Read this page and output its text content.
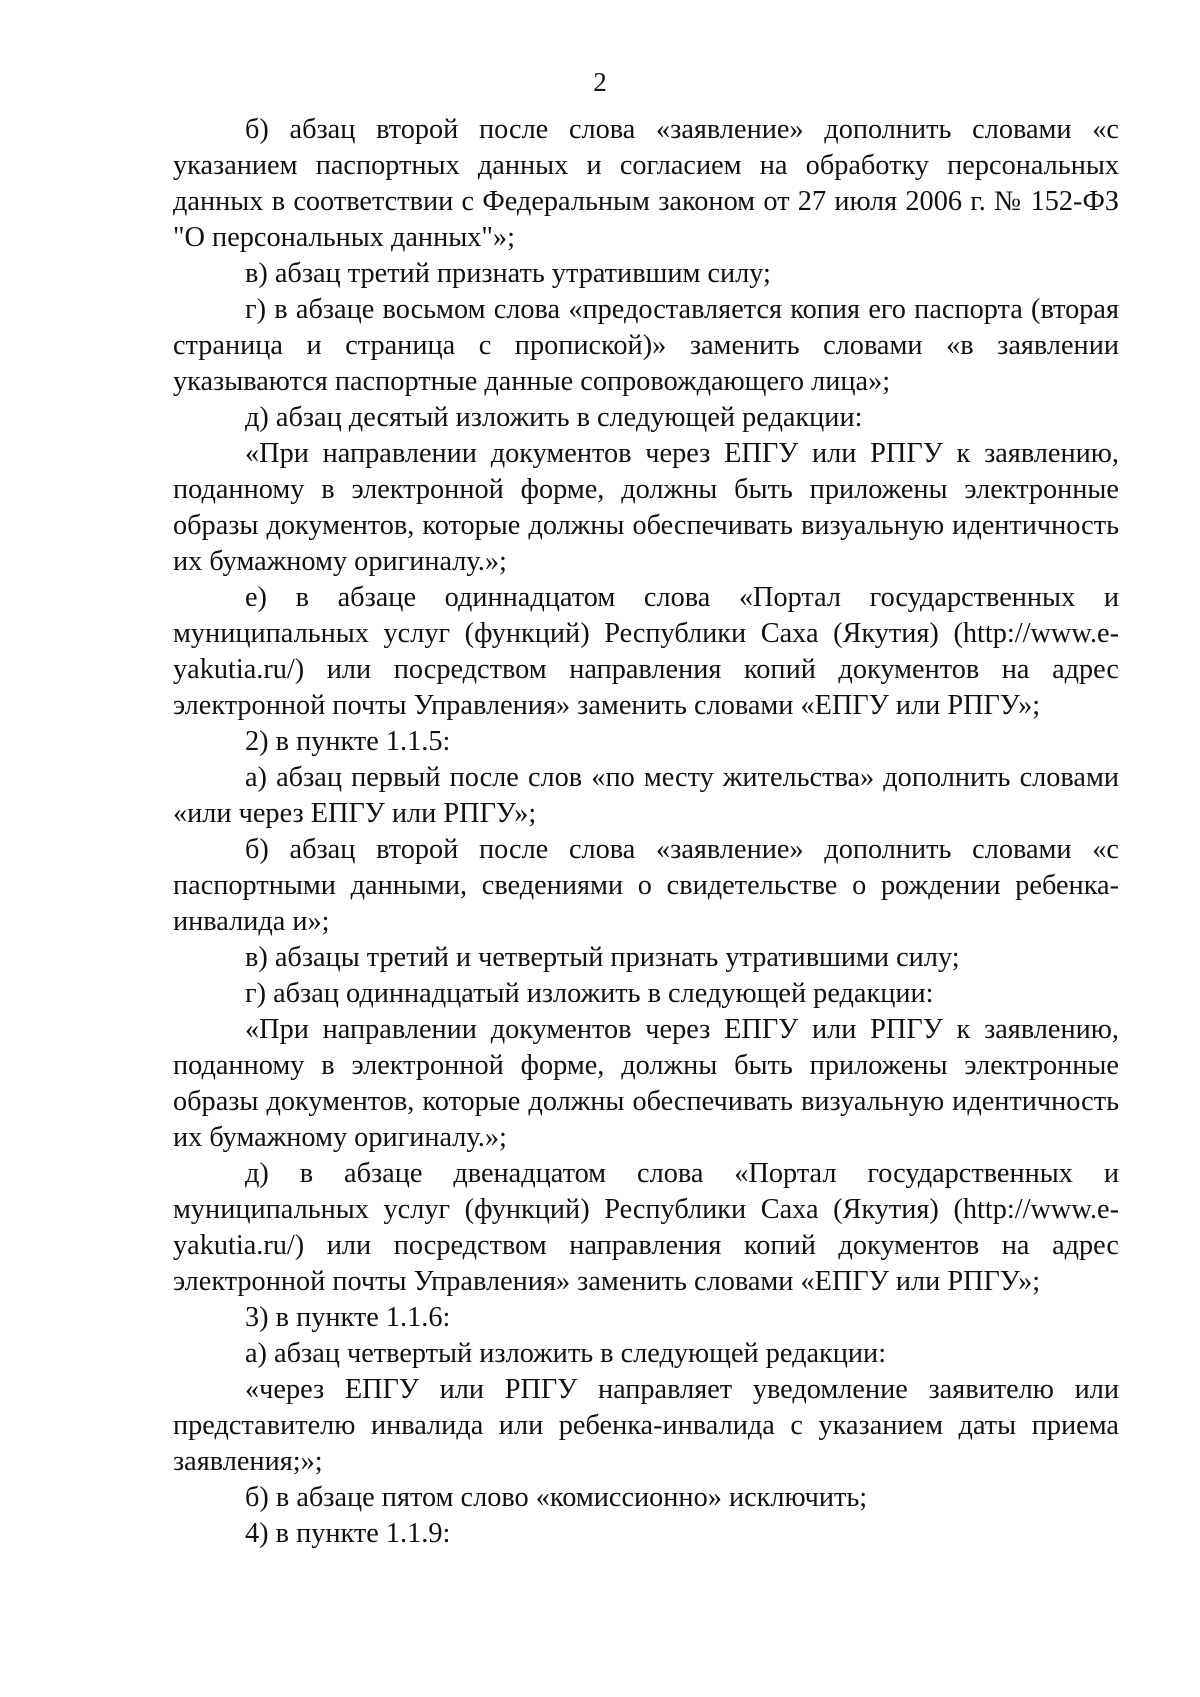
2

б) абзац второй после слова «заявление» дополнить словами «с указанием паспортных данных и согласием на обработку персональных данных в соответствии с Федеральным законом от 27 июля 2006 г. № 152-ФЗ "О персональных данных"»;

в) абзац третий признать утратившим силу;

г) в абзаце восьмом слова «предоставляется копия его паспорта (вторая страница и страница с пропиской)» заменить словами «в заявлении указываются паспортные данные сопровождающего лица»;

д) абзац десятый изложить в следующей редакции:

«При направлении документов через ЕПГУ или РПГУ к заявлению, поданному в электронной форме, должны быть приложены электронные образы документов, которые должны обеспечивать визуальную идентичность их бумажному оригиналу.»;

е) в абзаце одиннадцатом слова «Портал государственных и муниципальных услуг (функций) Республики Саха (Якутия) (http://www.e-yakutia.ru/) или посредством направления копий документов на адрес электронной почты Управления» заменить словами «ЕПГУ или РПГУ»;

2) в пункте 1.1.5:

а) абзац первый после слов «по месту жительства» дополнить словами «или через ЕПГУ или РПГУ»;

б) абзац второй после слова «заявление» дополнить словами «с паспортными данными, сведениями о свидетельстве о рождении ребенка-инвалида и»;

в) абзацы третий и четвертый признать утратившими силу;

г) абзац одиннадцатый изложить в следующей редакции:

«При направлении документов через ЕПГУ или РПГУ к заявлению, поданному в электронной форме, должны быть приложены электронные образы документов, которые должны обеспечивать визуальную идентичность их бумажному оригиналу.»;

д) в абзаце двенадцатом слова «Портал государственных и муниципальных услуг (функций) Республики Саха (Якутия) (http://www.e-yakutia.ru/) или посредством направления копий документов на адрес электронной почты Управления» заменить словами «ЕПГУ или РПГУ»;

3) в пункте 1.1.6:

а) абзац четвертый изложить в следующей редакции:

«через ЕПГУ или РПГУ направляет уведомление заявителю или представителю инвалида или ребенка-инвалида с указанием даты приема заявления;»;

б) в абзаце пятом слово «комиссионно» исключить;

4) в пункте 1.1.9:
